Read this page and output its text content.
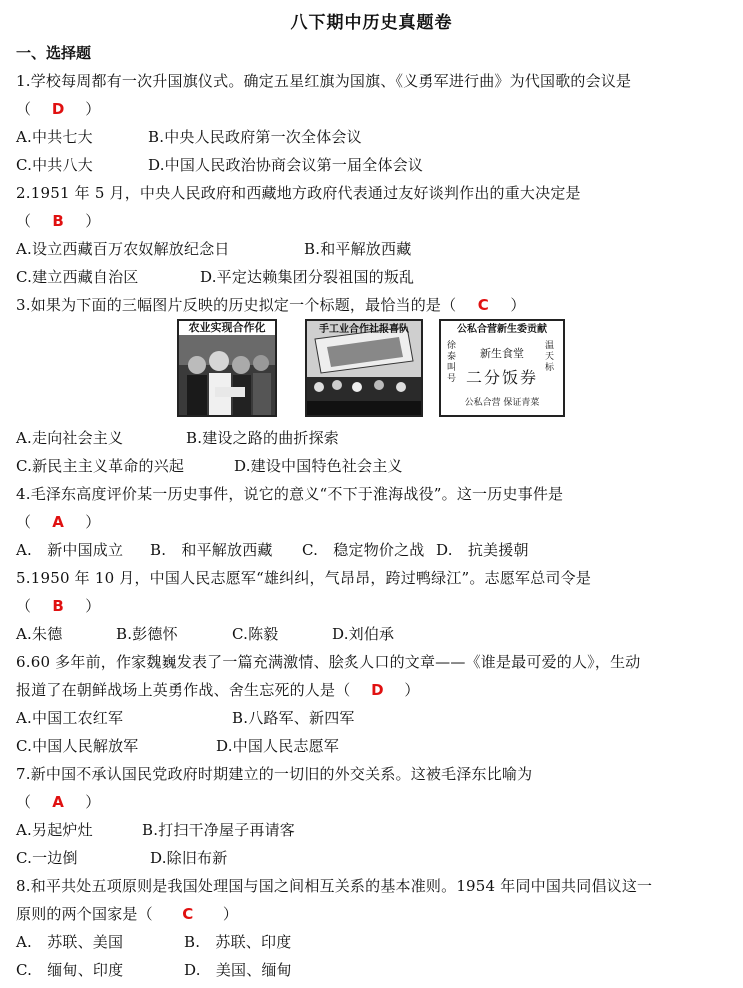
八下期中历史真题卷
一、选择题
1.学校每周都有一次升国旗仪式。确定五星红旗为国旗、《义勇军进行曲》为代国歌的会议是
（ D ）
A.中共七大	B.中央人民政府第一次全体会议
C.中共八大	D.中国人民政治协商会议第一届全体会议
2.1951 年 5 月，中央人民政府和西藏地方政府代表通过友好谈判作出的重大决定是
（ B ）
A.设立西藏百万农奴解放纪念日	B.和平解放西藏
C.建立西藏自治区	D.平定达赖集团分裂祖国的叛乱
3.如果为下面的三幅图片反映的历史拟定一个标题，最恰当的是（ C ）
农业实现合作化	手工业合作社报喜队	公私合营新生委贡献
徐泰叫号
温天标
新生食堂
二分饭券
公私合营 保证青菜
A.走向社会主义	B.建设之路的曲折探索
C.新民主主义革命的兴起	D.建设中国特色社会主义
4.毛泽东高度评价某一历史事件，说它的意义“不下于淮海战役”。这一历史事件是
（ A ）
A.　新中国成立 B.　和平解放西藏 C.　稳定物价之战 D.　抗美援朝
5.1950 年 10 月，中国人民志愿军“雄纠纠，气昂昂，跨过鸭绿江”。志愿军总司令是
（ B ）
A.朱德	B.彭德怀	C.陈毅	D.刘伯承
6.60 多年前，作家魏巍发表了一篇充满激情、脍炙人口的文章——《谁是最可爱的人》，生动
报道了在朝鲜战场上英勇作战、舍生忘死的人是（ D ）
A.中国工农红军	B.八路军、新四军
C.中国人民解放军	D.中国人民志愿军
7.新中国不承认国民党政府时期建立的一切旧的外交关系。这被毛泽东比喻为
（ A ）
A.另起炉灶	B.打扫干净屋子再请客
C.一边倒	D.除旧布新
8.和平共处五项原则是我国处理国与国之间相互关系的基本准则。1954 年同中国共同倡议这一
原则的两个国家是（ C ）
A.　苏联、美国	B.　苏联、印度
C.　缅甸、印度	D.　美国、缅甸
